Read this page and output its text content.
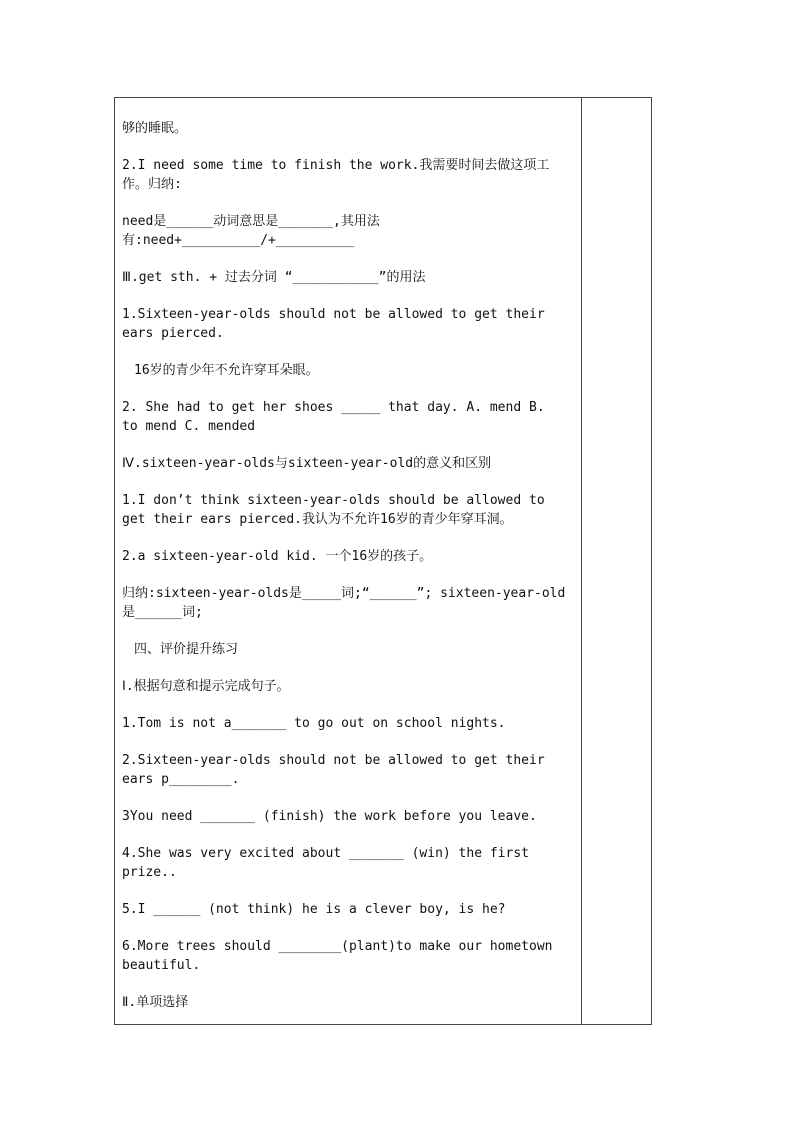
够的睡眠。

2.I need some time to finish the work.我需要时间去做这项工作。归纳:

need是______动词意思是_______,其用法有:need+__________/+__________

Ⅲ.get sth. + 过去分词 “___________”的用法

1.Sixteen-year-olds should not be allowed to get their ears pierced.

16岁的青少年不允许穿耳朵眼。

2. She had to get her shoes _____ that day. A. mend B. to mend C. mended

Ⅳ.sixteen-year-olds与sixteen-year-old的意义和区别

1.I don’t think sixteen-year-olds should be allowed to get their ears pierced.我认为不允许16岁的青少年穿耳洞。

2.a sixteen-year-old kid. 一个16岁的孩子。

归纳:sixteen-year-olds是_____词;“______”; sixteen-year-old是______词;

四、评价提升练习

Ⅰ.根据句意和提示完成句子。

1.Tom is not a_______ to go out on school nights.

2.Sixteen-year-olds should not be allowed to get their ears p________.

3You need _______ (finish) the work before you leave.

4.She was very excited about _______ (win) the first prize..

5.I ______ (not think) he is a clever boy, is he?

6.More trees should ________(plant)to make our hometown beautiful.

Ⅱ.单项选择
